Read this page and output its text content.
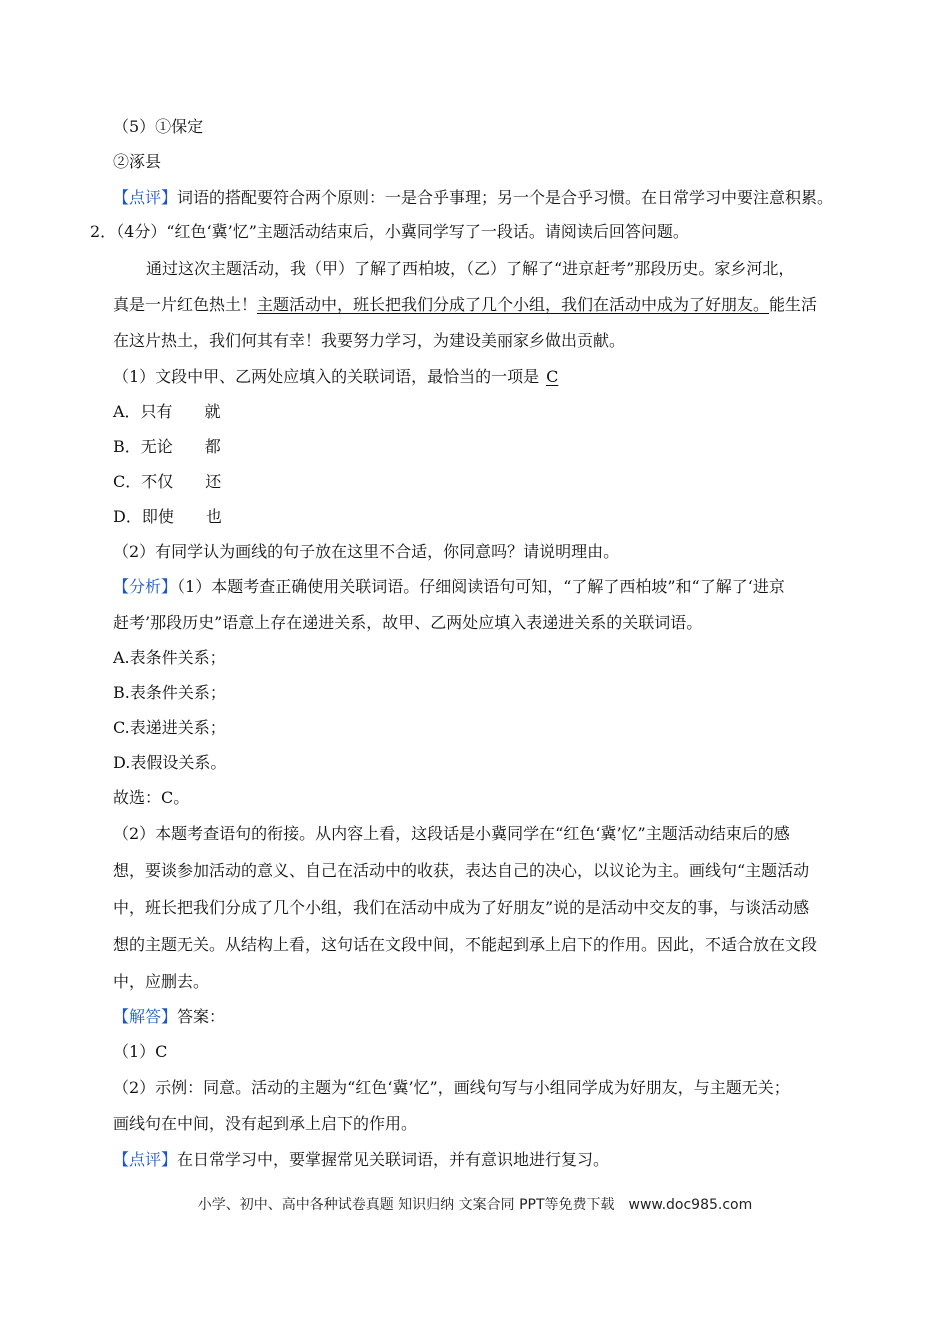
（5）①保定
②涿县
【点评】词语的搭配要符合两个原则：一是合乎事理；另一个是合乎习惯。在日常学习中要注意积累。
2．（4分）“红色‘冀’忆”主题活动结束后，小冀同学写了一段话。请阅读后回答问题。
通过这次主题活动，我（甲）了解了西柏坡，（乙）了解了“进京赶考”那段历史。家乡河北，
真是一片红色热土！主题活动中，班长把我们分成了几个小组，我们在活动中成为了好朋友。能生活
在这片热土，我们何其有幸！我要努力学习，为建设美丽家乡做出贡献。
（1）文段中甲、乙两处应填入的关联词语，最恰当的一项是 C
A．只有　　就
B．无论　　都
C．不仅　　还
D．即使　　也
（2）有同学认为画线的句子放在这里不合适，你同意吗？请说明理由。
【分析】（1）本题考查正确使用关联词语。仔细阅读语句可知，“了解了西柏坡”和“了解了‘进京
赶考’那段历史”语意上存在递进关系，故甲、乙两处应填入表递进关系的关联词语。
A.表条件关系；
B.表条件关系；
C.表递进关系；
D.表假设关系。
故选：C。
（2）本题考查语句的衔接。从内容上看，这段话是小冀同学在“红色‘冀’忆”主题活动结束后的感
想，要谈参加活动的意义、自己在活动中的收获，表达自己的决心，以议论为主。画线句“主题活动
中，班长把我们分成了几个小组，我们在活动中成为了好朋友”说的是活动中交友的事，与谈活动感
想的主题无关。从结构上看，这句话在文段中间，不能起到承上启下的作用。因此，不适合放在文段
中，应删去。
【解答】答案：
（1）C
（2）示例：同意。活动的主题为“红色‘冀’忆”，画线句写与小组同学成为好朋友，与主题无关；
画线句在中间，没有起到承上启下的作用。
【点评】在日常学习中，要掌握常见关联词语，并有意识地进行复习。
小学、初中、高中各种试卷真题 知识归纳 文案合同 PPT等免费下载　www.doc985.com
